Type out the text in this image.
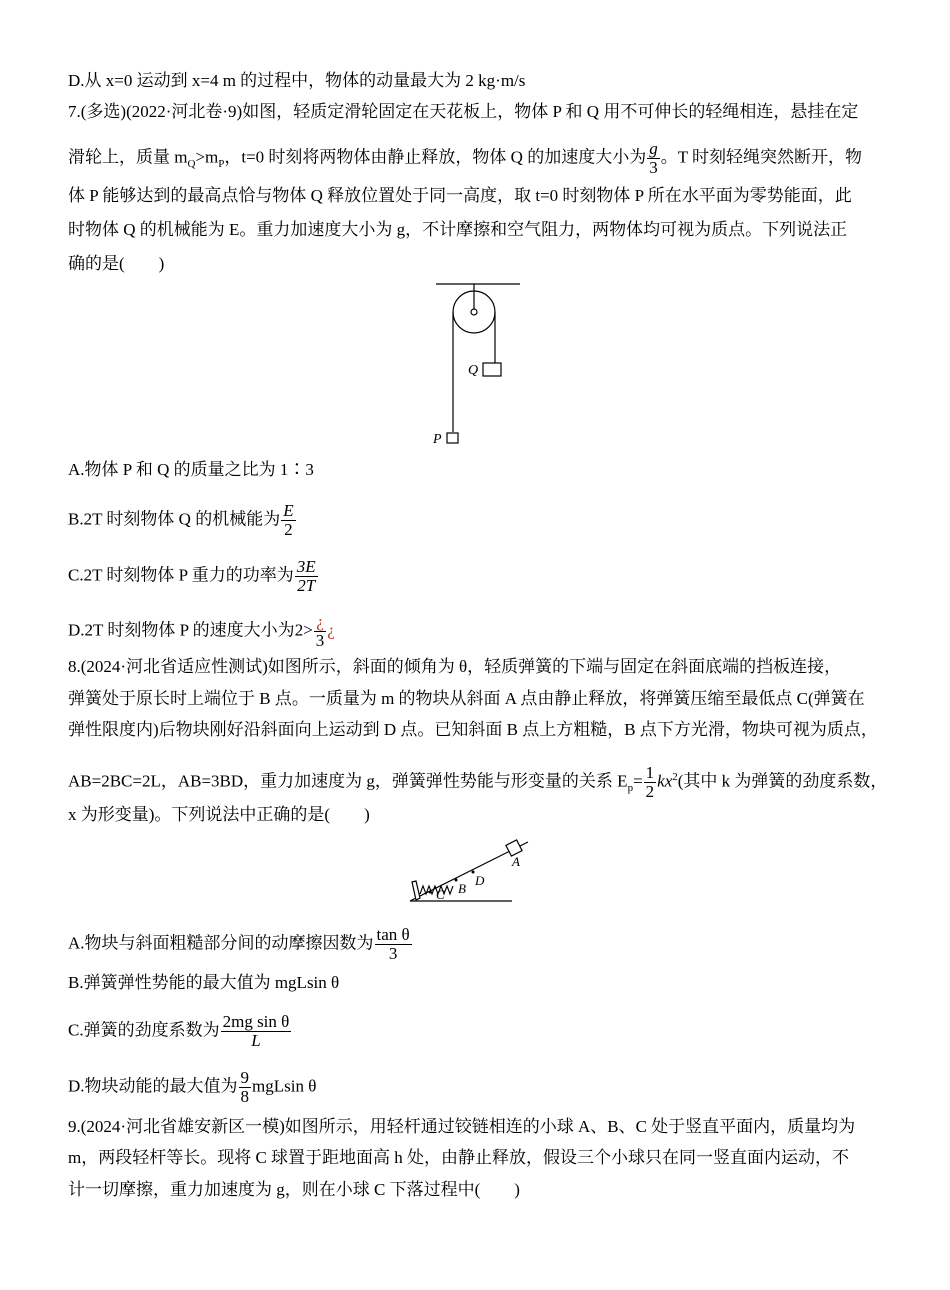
D.从 x=0 运动到 x=4 m 的过程中，物体的动量最大为 2 kg·m/s
7.(多选)(2022·河北卷·9)如图，轻质定滑轮固定在天花板上，物体 P 和 Q 用不可伸长的轻绳相连，悬挂在定
滑轮上，质量 $m_Q>m_P$，t=0 时刻将两物体由静止释放，物体 Q 的加速度大小为 $\frac{g}{3}$ 。T 时刻轻绳突然断开，物
体 P 能够达到的最高点恰与物体 Q 释放位置处于同一高度，取 t=0 时刻物体 P 所在水平面为零势能面，此
时物体 Q 的机械能为 E。重力加速度大小为 g，不计摩擦和空气阻力，两物体均可视为质点。下列说法正
确的是(　　)
Q
P
A.物体 P 和 Q 的质量之比为 1∶3
B.2T 时刻物体 Q 的机械能为 $\frac{E}{2}$
C.2T 时刻物体 P 重力的功率为 $\frac{3E}{2T}$
D.2T 时刻物体 P 的速度大小为$2> \frac{¿}{3}$ ¿
8.(2024·河北省适应性测试)如图所示，斜面的倾角为 θ，轻质弹簧的下端与固定在斜面底端的挡板连接，
弹簧处于原长时上端位于 B 点。一质量为 m 的物块从斜面 A 点由静止释放，将弹簧压缩至最低点 C(弹簧在
弹性限度内)后物块刚好沿斜面向上运动到 D 点。已知斜面 B 点上方粗糙，B 点下方光滑，物块可视为质点，
AB=2BC=2L，AB=3BD，重力加速度为 g，弹簧弹性势能与形变量的关系 $E_p= \frac{1}{2} kx^2$(其中 k 为弹簧的劲度系数，
x 为形变量)。下列说法中正确的是(　　)
C B
D
A
A.物块与斜面粗糙部分间的动摩擦因数为 $\frac{\text{tan θ}}{3}$
B.弹簧弹性势能的最大值为 mgLsin θ
C.弹簧的劲度系数为 $\frac{\text{2mg sin θ}}{L}$
D.物块动能的最大值为 $\frac{9}{8}$ mgLsin θ
9.(2024·河北省雄安新区一模)如图所示，用轻杆通过铰链相连的小球 A、B、C 处于竖直平面内，质量均为
m，两段轻杆等长。现将 C 球置于距地面高 h 处，由静止释放，假设三个小球只在同一竖直面内运动，不
计一切摩擦，重力加速度为 g，则在小球 C 下落过程中(　　)
